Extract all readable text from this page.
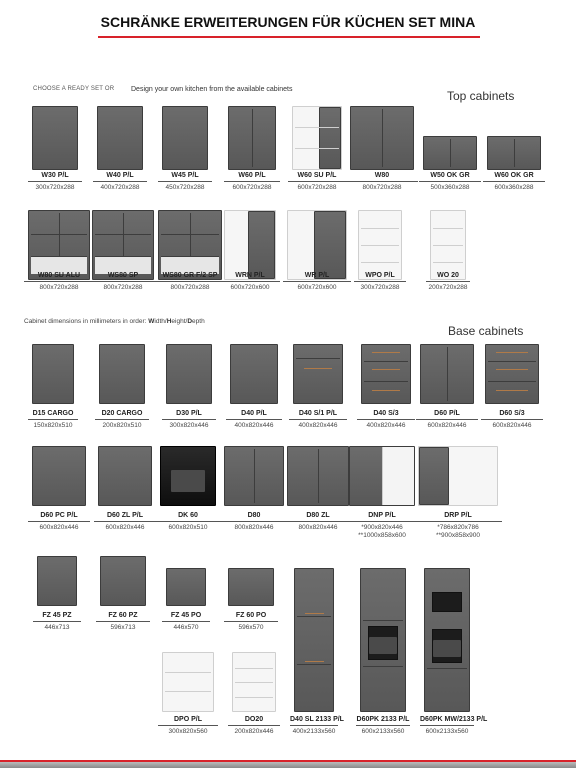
SCHRÄNKE ERWEITERUNGEN FÜR KÜCHEN SET MINA
CHOOSE A READY SET OR Design your own kitchen from the available cabinets	Top cabinets
Base cabinets
Cabinet dimensions in millimeters in order: Width/Height/Depth
W30 P/L
300x720x288
W40 P/L
400x720x288
W45 P/L
450x720x288
W60 P/L
600x720x288
W60 SU P/L
600x720x288
W80
800x720x288
W50 OK GR
500x360x288
W60 OK GR
600x360x288
W80 SU ALU
800x720x288
WS80 SP
800x720x288
WS80 GR F/2 SP
800x720x288
WRN P/L
600x720x600
WR P/L
600x720x600
WPO P/L
300x720x288
WO 20
200x720x288
D15 CARGO
150x820x510
D20 CARGO
200x820x510
D30 P/L
300x820x446
D40 P/L
400x820x446
D40 S/1 P/L
400x820x446
D40 S/3
400x820x446
D60 P/L
600x820x446
D60 S/3
600x820x446
D60 PC P/L
600x820x446
D60 ZL P/L
600x820x446
DK 60
600x820x510
D80
800x820x446
D80 ZL
800x820x446
DNP P/L
*900x820x446
**1000x858x600
DRP P/L
*786x820x786
**900x858x900
FZ 45 PZ
446x713
FZ 60 PZ
596x713
FZ 45 PO
446x570
FZ 60 PO
596x570
DPO P/L
300x820x560
DO20
200x820x446
D40 SL 2133 P/L
400x2133x560
D60PK 2133 P/L
600x2133x560
D60PK MW/2133 P/L
600x2133x560
